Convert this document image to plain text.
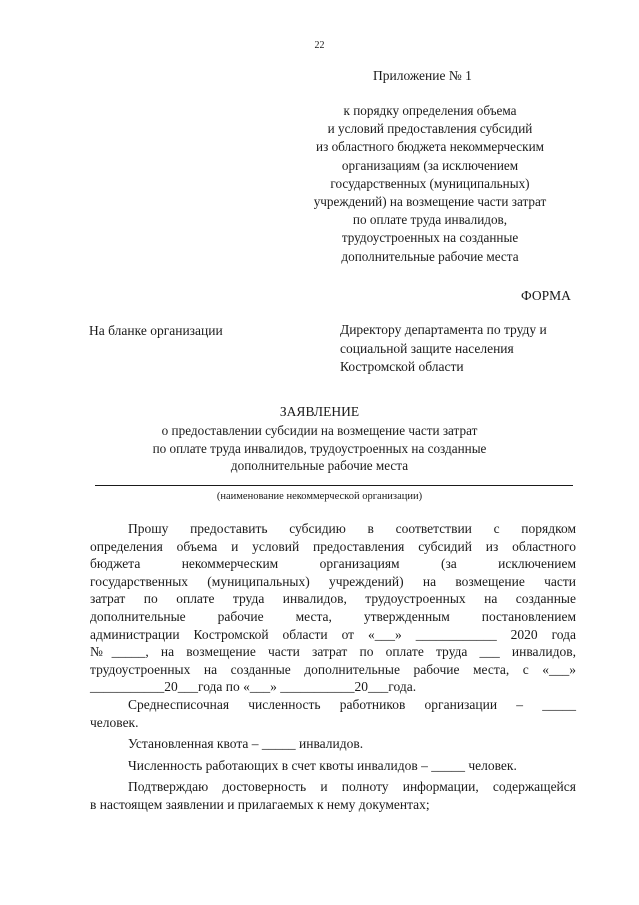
22
Приложение № 1
к порядку определения объема
и условий предоставления субсидий
из областного бюджета некоммерческим
организациям (за исключением
государственных (муниципальных)
учреждений) на возмещение части затрат
по оплате труда инвалидов,
трудоустроенных на созданные
дополнительные рабочие места
ФОРМА
На бланке организации	Директору департамента по труду и
социальной защите населения
Костромской области
ЗАЯВЛЕНИЕ
о предоставлении субсидии на возмещение части затрат
по оплате труда инвалидов, трудоустроенных на созданные
дополнительные рабочие места
(наименование некоммерческой организации)
Прошу предоставить субсидию в соответствии с порядком
определения объема и условий предоставления субсидий из областного
бюджета некоммерческим организациям (за исключением
государственных (муниципальных) учреждений) на возмещение части
затрат по оплате труда инвалидов, трудоустроенных на созданные
дополнительные рабочие места, утвержденным постановлением
администрации Костромской области от «___» ____________ 2020 года
№_____, на возмещение части затрат по оплате труда ___ инвалидов,
трудоустроенных на созданные дополнительные рабочие места, с «___»
___________20___года по «___» ___________20___года.
Среднесписочная численность работников организации – _____
человек.
Установленная квота – _____ инвалидов.
Численность работающих в счет квоты инвалидов – _____ человек.
Подтверждаю достоверность и полноту информации, содержащейся
в настоящем заявлении и прилагаемых к нему документах;
